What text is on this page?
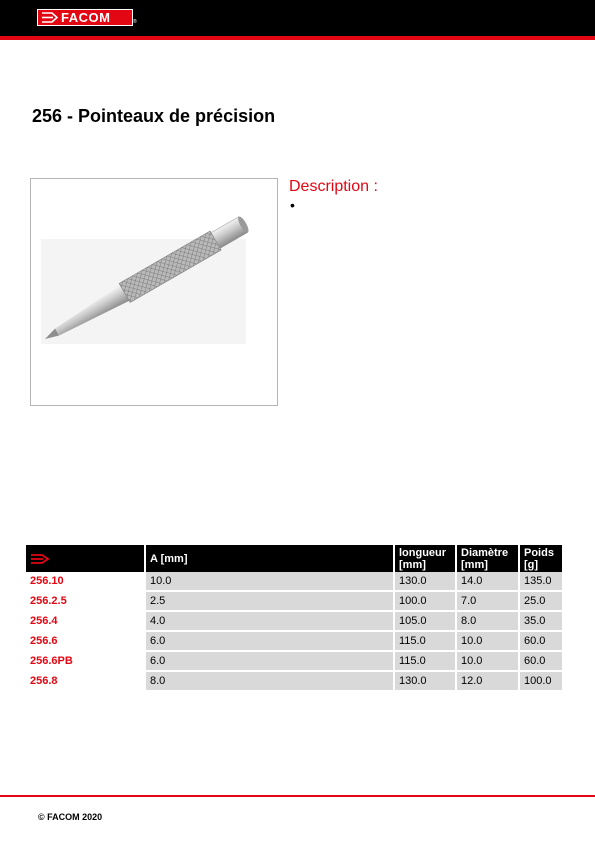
FACOM	®
256 - Pointeaux de précision
Description :
•
	A [mm]	longueur [mm]	Diamètre [mm]	Poids [g]
256.10	10.0	130.0	14.0	135.0
256.2.5	2.5	100.0	7.0	25.0
256.4	4.0	105.0	8.0	35.0
256.6	6.0	115.0	10.0	60.0
256.6PB	6.0	115.0	10.0	60.0
256.8	8.0	130.0	12.0	100.0
© FACOM 2020
